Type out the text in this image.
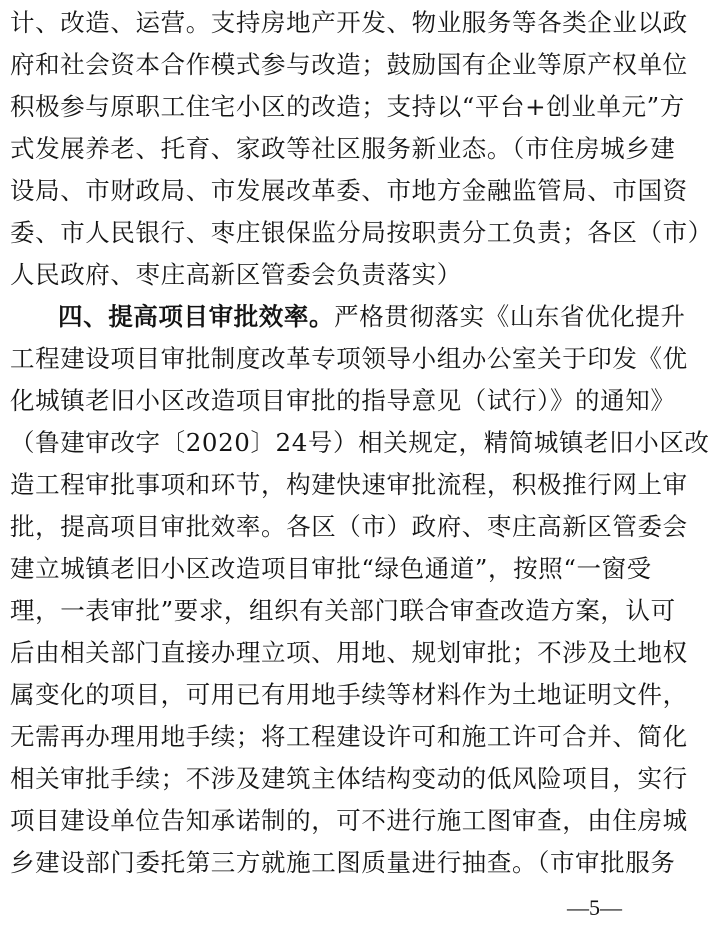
计、改造、运营。支持房地产开发、物业服务等各类企业以政
府和社会资本合作模式参与改造；鼓励国有企业等原产权单位
积极参与原职工住宅小区的改造；支持以“平台+创业单元”方
式发展养老、托育、家政等社区服务新业态。（市住房城乡建
设局、市财政局、市发展改革委、市地方金融监管局、市国资
委、市人民银行、枣庄银保监分局按职责分工负责；各区（市）
人民政府、枣庄高新区管委会负责落实）
四、提高项目审批效率。严格贯彻落实《山东省优化提升
工程建设项目审批制度改革专项领导小组办公室关于印发《优
化城镇老旧小区改造项目审批的指导意见（试行）》的通知》
（鲁建审改字〔2020〕24号）相关规定，精简城镇老旧小区改
造工程审批事项和环节，构建快速审批流程，积极推行网上审
批，提高项目审批效率。各区（市）政府、枣庄高新区管委会
建立城镇老旧小区改造项目审批“绿色通道”，按照“一窗受
理，一表审批”要求，组织有关部门联合审查改造方案，认可
后由相关部门直接办理立项、用地、规划审批；不涉及土地权
属变化的项目，可用已有用地手续等材料作为土地证明文件，
无需再办理用地手续；将工程建设许可和施工许可合并、简化
相关审批手续；不涉及建筑主体结构变动的低风险项目，实行
项目建设单位告知承诺制的，可不进行施工图审查，由住房城
乡建设部门委托第三方就施工图质量进行抽查。（市审批服务
—5—
